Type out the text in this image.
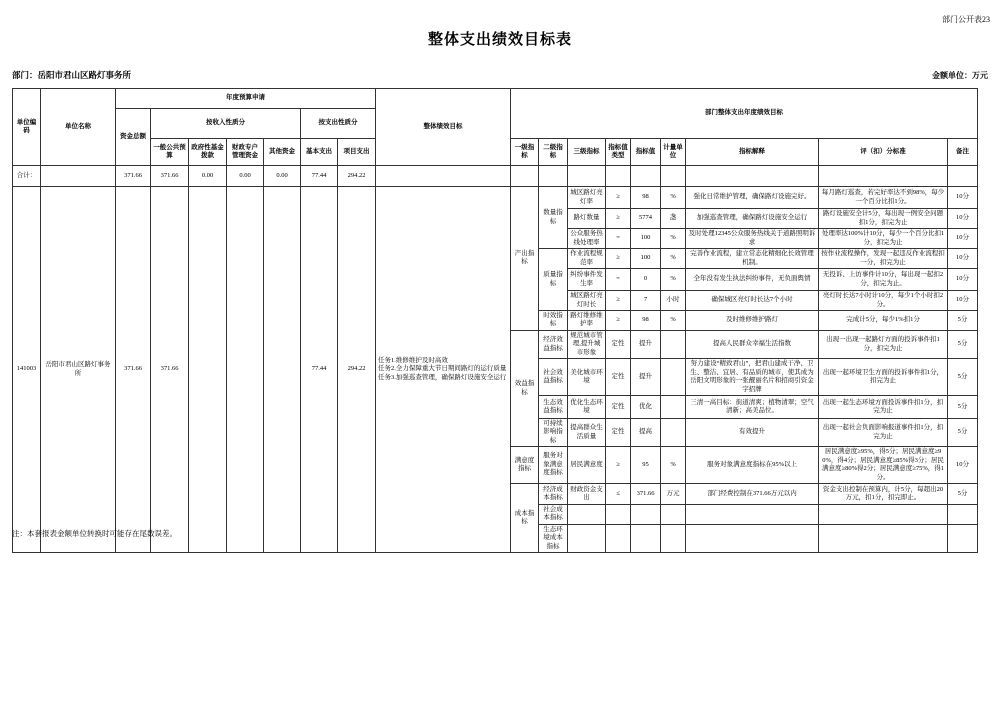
部门公开表23
整体支出绩效目标表
部门：岳阳市君山区路灯事务所	金额单位：万元
单位编码	单位名称	年度预算申请							整体绩效目标	部门整体支出年度绩效目标								
		资金总额	按收入性质分				按支出性质分											
			一般公共预算	政府性基金拨款	财政专户管理资金	其他资金	基本支出	项目支出		一级指标	二级指标	三级指标	指标值类型	指标值	计量单位	指标解释	评（扣）分标准	备注
合计：		371.66	371.66	0.00	0.00	0.00	77.44	294.22										
141003	岳阳市君山区路灯事务所	371.66	371.66				77.44	294.22	任务1.维修维护及时高效
任务2.全力保障重大节日期间路灯的运行质量
任务3.加强巡查管理，确保路灯设施安全运行	产出指标	数量指标	城区路灯亮灯率	≥	98	%	强化日常维护管理，确保路灯设施完好。	每月路灯巡查，若完好率达不到98%，每少一个百分比扣1分。	10分
												路灯数量	≥	5774	盏	加强巡查管理，确保路灯设施安全运行	路灯设施安全计5分，每出现一例安全问题扣1分，扣完为止	10分
												公众服务热线处理率	=	100	%	及时处理12345公众服务热线关于道路照明诉求	处理率达100%计10分，每少一个百分比扣1分，扣完为止	10分
											质量指标	作业流程规范率	≥	100	%	完善作业流程，建立常态化精细化长效管理机制。	按作业流程操作，发现一起违反作业流程扣一分，扣完为止	10分
												纠纷事件发生率	=	0	%	全年没有发生执法纠纷事件，无负面舆情	无投诉、上访事件计10分，每出现一起扣2分，扣完为止。	10分
												城区路灯亮灯时长	≥	7	小时	确保城区亮灯时长达7个小时	亮灯时长达7小时计10分，每少1个小时扣2分。	10分
											时效指标	路灯维修维护率	≥	98	%	及时维修维护路灯	完成计5分，每少1%扣1分	5分
										效益指标	经济效益指标	规范城市管理,提升城市形象	定性	提升		提高人民群众幸福生活指数	出现一出现一起路灯方面的投诉事件扣1分，扣完为止	5分
											社会效益指标	美化城市环境	定性	提升		努力建设“精致君山”，把君山建成干净、卫生、整洁、宜居、有品质的城市，使其成为岳阳文明形象的一张靓丽名片和招商引资金字招牌	出现一起环境卫生方面的投诉事件扣1分，扣完为止	5分
											生态效益指标	优化生态环境	定性	优化		三清一高目标：街道清爽；植物清翠；空气清新；高美品位。	出现一起生态环境方面投诉事件扣1分，扣完为止	5分
											可持续影响指标	提高群众生活质量	定性	提高		有效提升	出现一起社会负面影响报道事件扣1分，扣完为止	5分
										满意度指标	服务对象满意度指标	居民满意度	≥	95	%	服务对象满意度指标在95%以上	居民满意度≥95%，得5分；居民满意度≥90%，得4分；居民满意度≥85%得3分；居民满意度≥80%得2分；居民满意度≥75%，得1分。	10分
										成本指标	经济成本指标	财政资金支出	≤	371.66	万元	部门经费控制在371.66万元以内	资金支出控制在预算内，计5分，每超出20万元，扣1分，扣完即止。	5分
											社会成本指标							
											生态环境成本指标							
注：本套报表金额单位转换时可能存在尾数误差。
